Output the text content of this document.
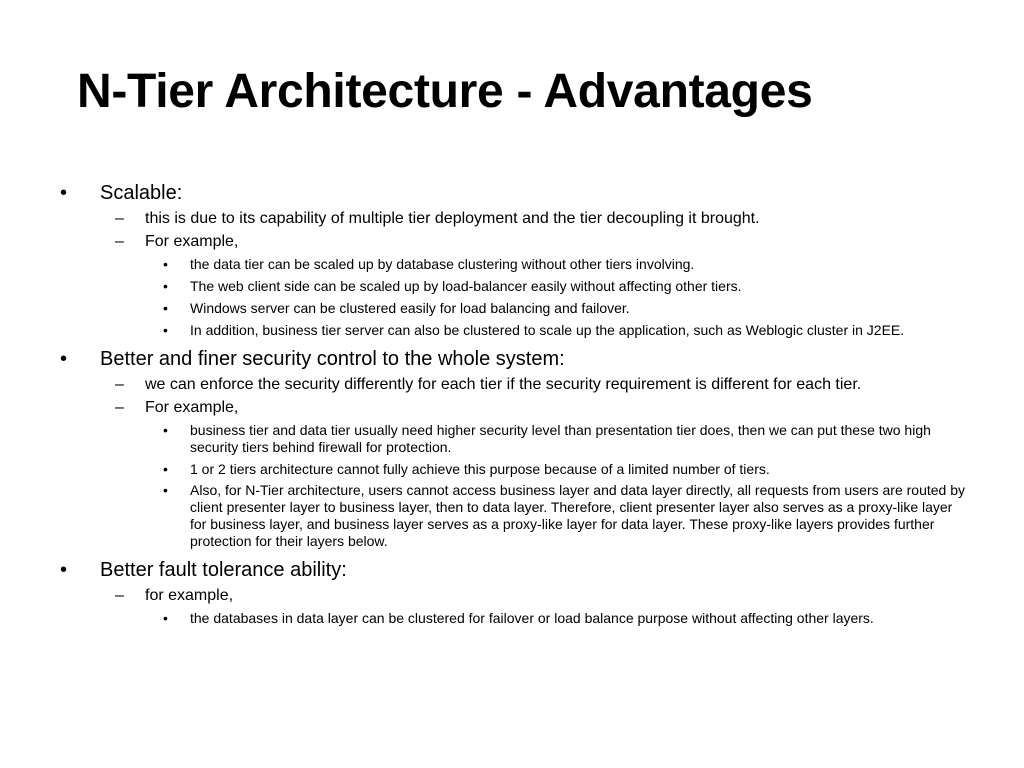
N-Tier Architecture - Advantages
• Scalable:
– this is due to its capability of multiple tier deployment and the tier decoupling it brought.
– For example,
• the data tier can be scaled up by database clustering without other tiers involving.
• The web client side can be scaled up by load-balancer easily without affecting other tiers.
• Windows server can be clustered easily for load balancing and failover.
• In addition, business tier server can also be clustered to scale up the application, such as Weblogic cluster in J2EE.
• Better and finer security control to the whole system:
– we can enforce the security differently for each tier if the security requirement is different for each tier.
– For example,
• business tier and data tier usually need higher security level than presentation tier does, then we can put these two high security tiers behind firewall for protection.
• 1 or 2 tiers architecture cannot fully achieve this purpose because of a limited number of tiers.
• Also, for N-Tier architecture, users cannot access business layer and data layer directly, all requests from users are routed by client presenter layer to business layer, then to data layer. Therefore, client presenter layer also serves as a proxy-like layer for business layer, and business layer serves as a proxy-like layer for data layer. These proxy-like layers provides further protection for their layers below.
• Better fault tolerance ability:
– for example,
• the databases in data layer can be clustered for failover or load balance purpose without affecting other layers.
